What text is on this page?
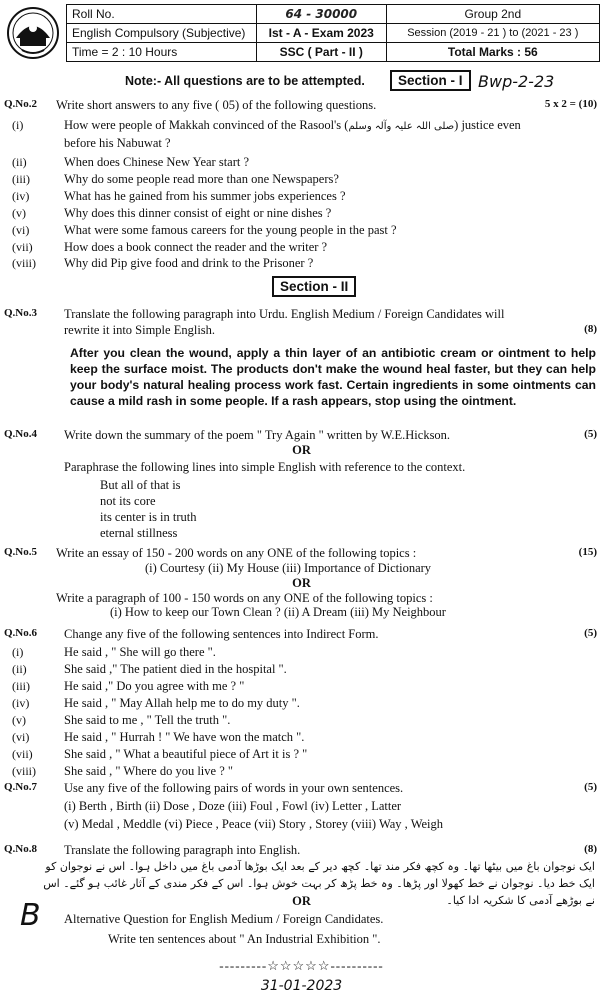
Roll No.	64 - 30000	Group 2nd
English Compulsory (Subjective)	Ist - A - Exam 2023	Session (2019 - 21 ) to (2021 - 23 )
Time = 2 : 10 Hours	SSC ( Part - II )	Total Marks : 56
Note:- All questions are to be attempted.	Section - I Bwp-2-23
Q.No.2 Write short answers to any five ( 05) of the following questions.	5 x 2 = (10)
(i)	How were people of Makkah convinced of the Rasool's (صلی اللہ علیہ وآلہ وسلم) justice even
before his Nabuwat ?
(ii)	When does Chinese New Year start ?
(iii)	Why do some people read more than one Newspapers?
(iv)	What has he gained from his summer jobs experiences ?
(v)	Why does this dinner consist of eight or nine dishes ?
(vi)	What were some famous careers for the young people in the past ?
(vii)	How does a book connect the reader and the writer ?
(viii) Why did Pip give food and drink to the Prisoner ?
Section - II
Q.No.3 Translate the following paragraph into Urdu. English Medium / Foreign Candidates will
rewrite it into Simple English.	(8)
After you clean the wound, apply a thin layer of an antibiotic cream or ointment to help keep the surface moist. The products don't make the wound heal faster, but they can help your body's natural healing process work fast. Certain ingredients in some ointments can cause a mild rash in some people. If a rash appears, stop using the ointment.
Q.No.4 Write down the summary of the poem " Try Again " written by W.E.Hickson.	(5)
OR
Paraphrase the following lines into simple English with reference to the context.
But all of that is
not its core
its center is in truth
eternal stillness
Q.No.5 Write an essay of 150 - 200 words on any ONE of the following topics :	(15)
(i) Courtesy (ii) My House (iii) Importance of Dictionary
OR
Write a paragraph of 100 - 150 words on any ONE of the following topics :
(i) How to keep our Town Clean ? (ii) A Dream (iii) My Neighbour
Q.No.6 Change any five of the following sentences into Indirect Form.	(5)
(i)	He said , " She will go there ".
(ii)	She said ," The patient died in the hospital ".
(iii)	He said ," Do you agree with me ? "
(iv)	He said , " May Allah help me to do my duty ".
(v)	She said to me , " Tell the truth ".
(vi)	He said , " Hurrah ! " We have won the match ".
(vii)	She said , " What a beautiful piece of Art it is ? "
(viii) She said , " Where do you live ? "
Q.No.7 Use any five of the following pairs of words in your own sentences.	(5)
(i) Berth , Birth (ii) Dose , Doze (iii) Foul , Fowl (iv) Letter , Latter
(v) Medal , Meddle (vi) Piece , Peace (vii) Story , Storey (viii) Way , Weigh
Q.No.8 Translate the following paragraph into English.	(8)
ایک نوجوان باغ میں بیٹھا تھا۔ وہ کچھ فکر مند تھا۔ کچھ دیر کے بعد ایک بوڑھا آدمی باغ میں داخل ہوا۔ اس نے نوجوان کو ایک خط دیا۔ نوجوان نے خط کھولا اور پڑھا۔ وہ خط پڑھ کر بہت خوش ہوا۔ اس کے فکر مندی کے آثار غائب ہو گئے۔ اس نے بوڑھے آدمی کا شکریہ ادا کیا۔
OR
Alternative Question for English Medium / Foreign Candidates.
Write ten sentences about " An Industrial Exhibition ".
B
---------☆☆☆☆☆----------
31-01-2023
